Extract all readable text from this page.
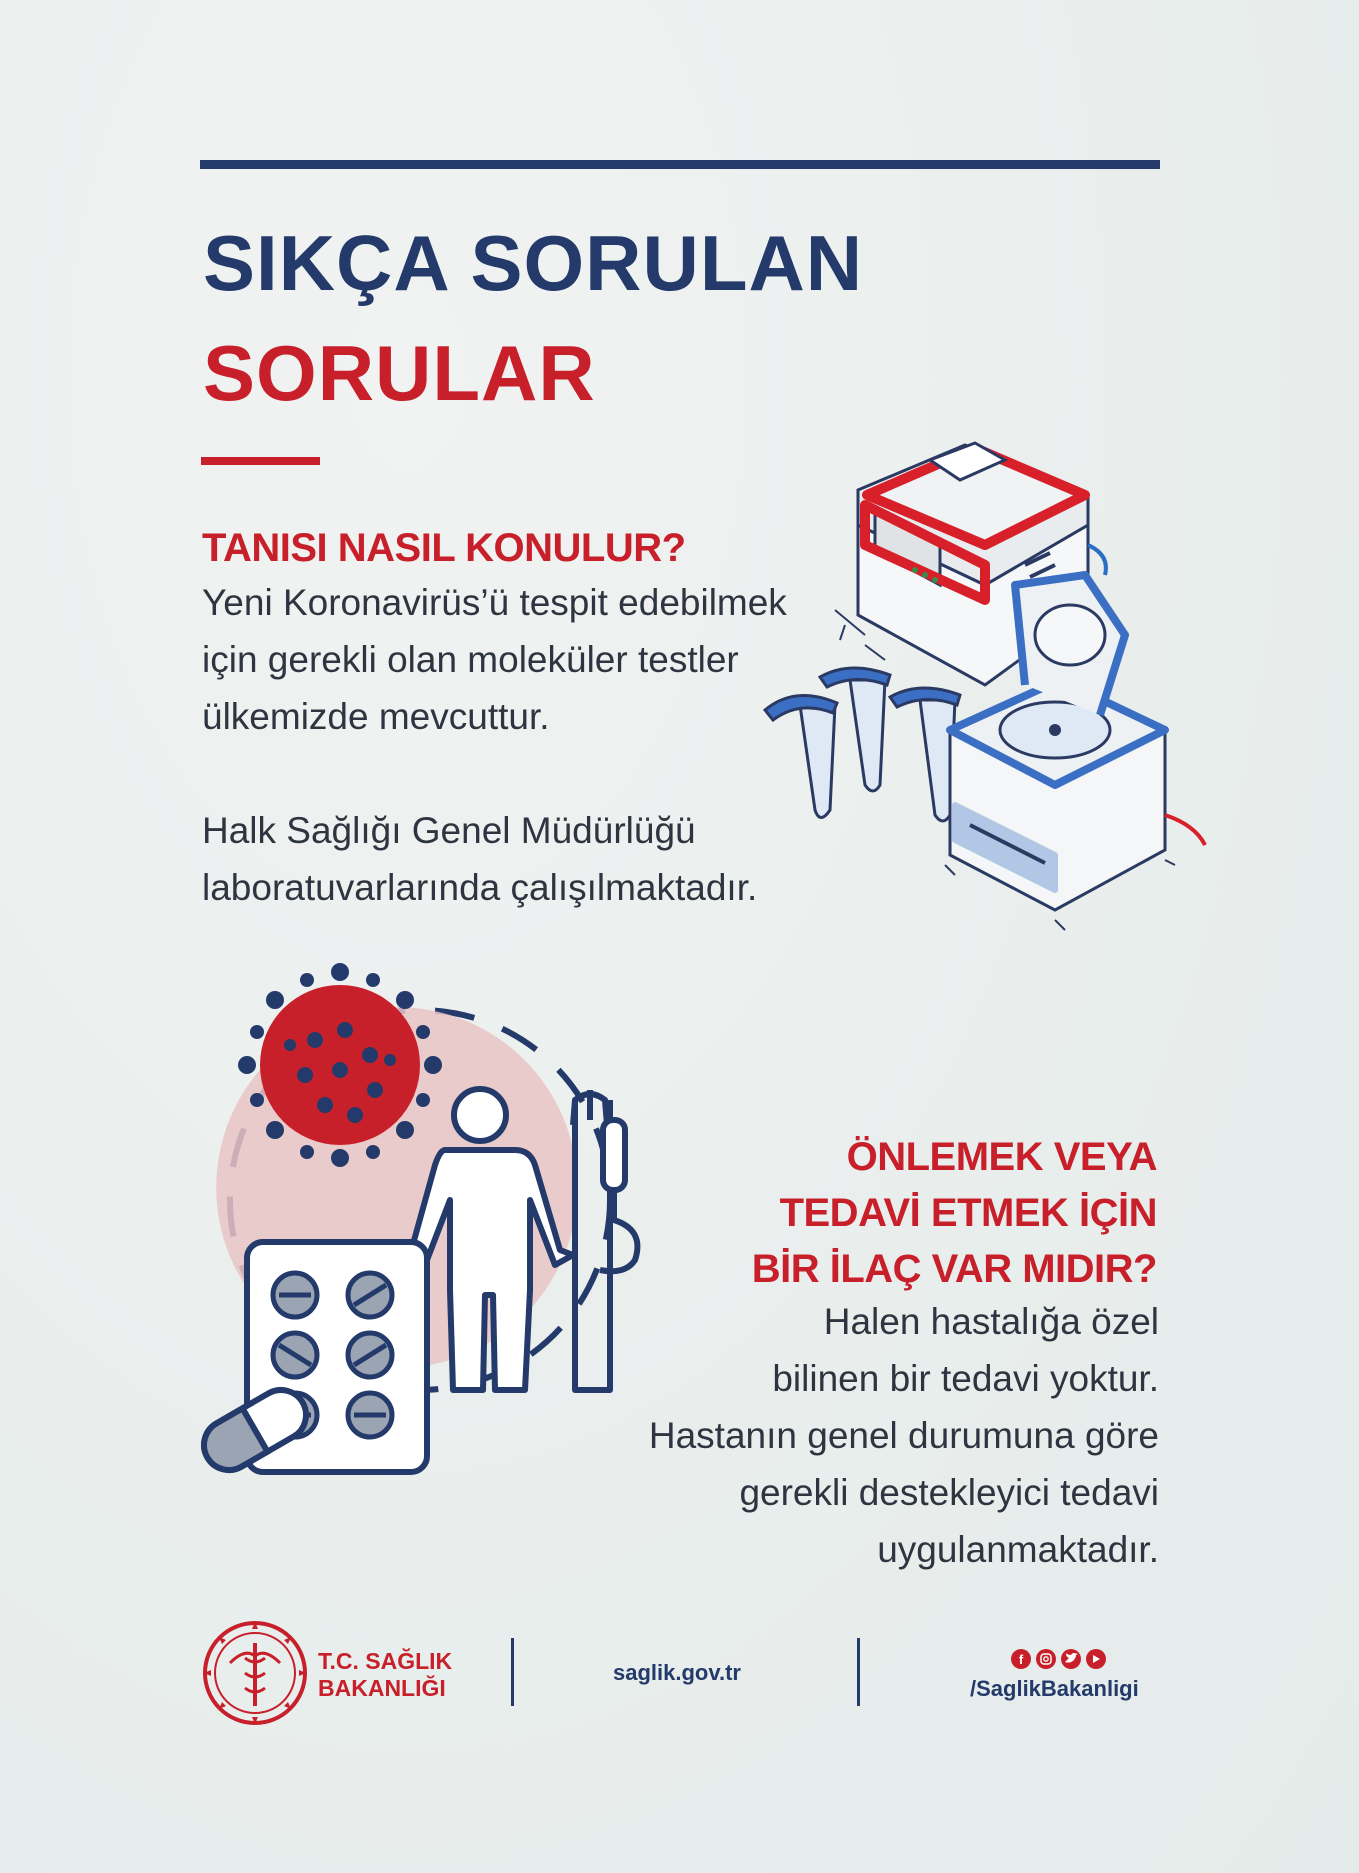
SIKÇA SORULAN
SORULAR
TANISI NASIL KONULUR?
Yeni Koronavirüs’ü tespit edebilmek
için gerekli olan moleküler testler
ülkemizde mevcuttur.
Halk Sağlığı Genel Müdürlüğü
laboratuvarlarında çalışılmaktadır.
ÖNLEMEK VEYA
TEDAVİ ETMEK İÇİN
BİR İLAÇ VAR MIDIR?
Halen hastalığa özel
bilinen bir tedavi yoktur.
Hastanın genel durumuna göre
gerekli destekleyici tedavi
uygulanmaktadır.
T.C. SAĞLIK
BAKANLIĞI
saglik.gov.tr
f
/SaglikBakanligi
